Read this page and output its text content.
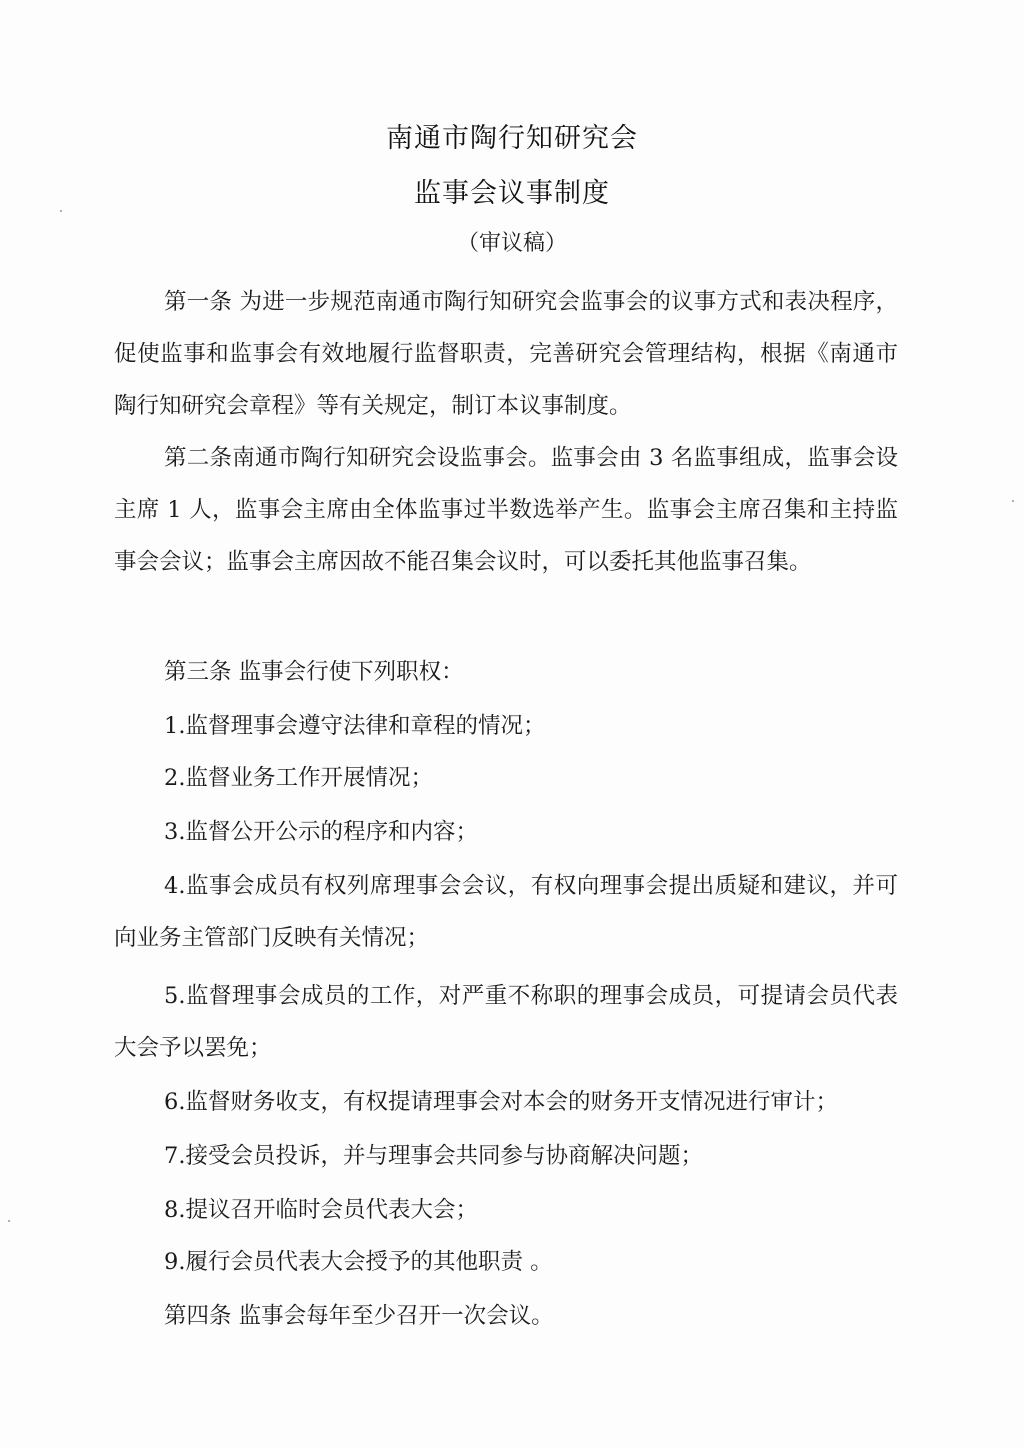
南通市陶行知研究会
监事会议事制度
（审议稿）

第一条 为进一步规范南通市陶行知研究会监事会的议事方式和表决程序，促使监事和监事会有效地履行监督职责，完善研究会管理结构，根据《南通市陶行知研究会章程》等有关规定，制订本议事制度。

第二条南通市陶行知研究会设监事会。监事会由 3 名监事组成，监事会设主席 1 人，监事会主席由全体监事过半数选举产生。监事会主席召集和主持监事会会议；监事会主席因故不能召集会议时，可以委托其他监事召集。

第三条 监事会行使下列职权：

1.监督理事会遵守法律和章程的情况；

2.监督业务工作开展情况；

3.监督公开公示的程序和内容；

4.监事会成员有权列席理事会会议，有权向理事会提出质疑和建议，并可向业务主管部门反映有关情况；

5.监督理事会成员的工作，对严重不称职的理事会成员，可提请会员代表大会予以罢免；

6.监督财务收支，有权提请理事会对本会的财务开支情况进行审计；

7.接受会员投诉，并与理事会共同参与协商解决问题；

8.提议召开临时会员代表大会；

9.履行会员代表大会授予的其他职责 。

第四条 监事会每年至少召开一次会议。
